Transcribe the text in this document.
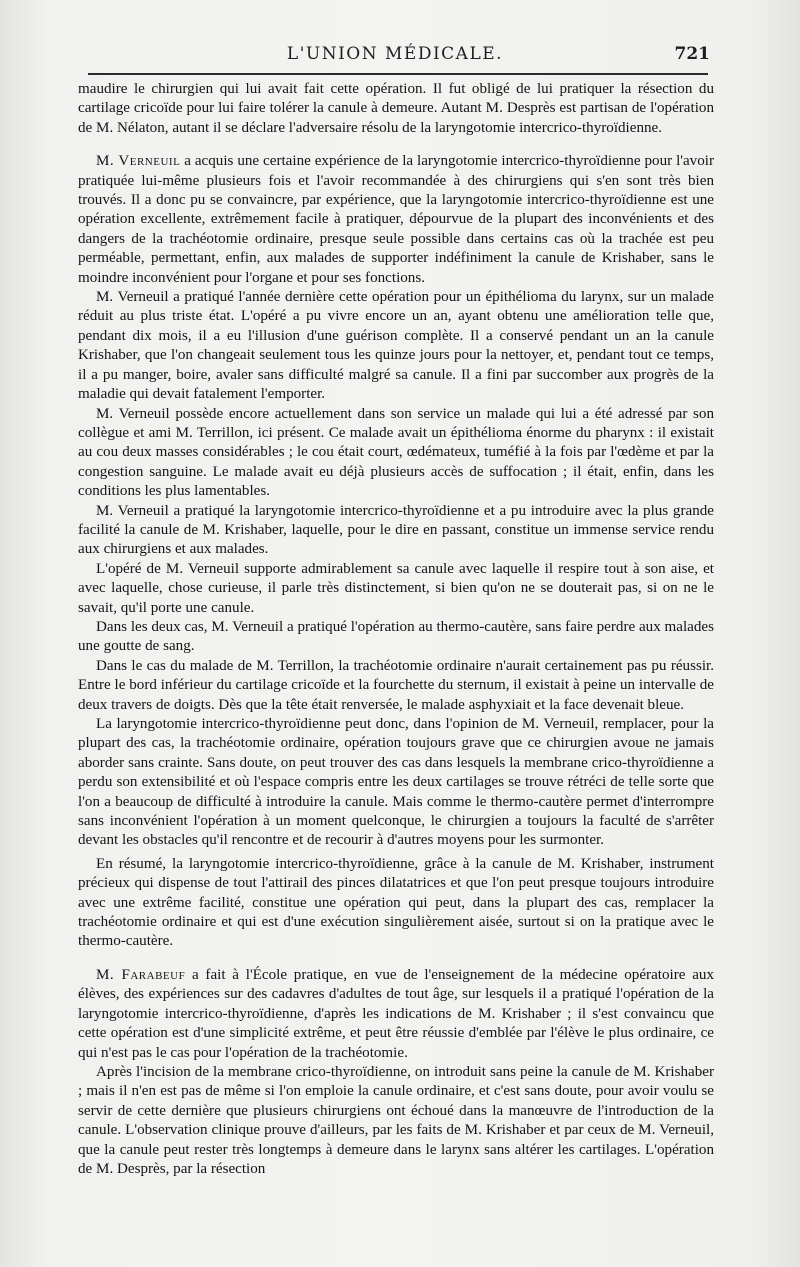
L'UNION MÉDICALE.	721

maudire le chirurgien qui lui avait fait cette opération. Il fut obligé de lui pratiquer la résection du cartilage cricoïde pour lui faire tolérer la canule à demeure. Autant M. Desprès est partisan de l'opération de M. Nélaton, autant il se déclare l'adversaire résolu de la laryngotomie intercrico-thyroïdienne.

M. Verneuil a acquis une certaine expérience de la laryngotomie intercrico-thyroïdienne pour l'avoir pratiquée lui-même plusieurs fois et l'avoir recommandée à des chirurgiens qui s'en sont très bien trouvés. Il a donc pu se convaincre, par expérience, que la laryngotomie intercrico-thyroïdienne est une opération excellente, extrêmement facile à pratiquer, dépourvue de la plupart des inconvénients et des dangers de la trachéotomie ordinaire, presque seule possible dans certains cas où la trachée est peu perméable, permettant, enfin, aux malades de supporter indéfiniment la canule de Krishaber, sans le moindre inconvénient pour l'organe et pour ses fonctions.

M. Verneuil a pratiqué l'année dernière cette opération pour un épithélioma du larynx, sur un malade réduit au plus triste état. L'opéré a pu vivre encore un an, ayant obtenu une amélioration telle que, pendant dix mois, il a eu l'illusion d'une guérison complète. Il a conservé pendant un an la canule Krishaber, que l'on changeait seulement tous les quinze jours pour la nettoyer, et, pendant tout ce temps, il a pu manger, boire, avaler sans difficulté malgré sa canule. Il a fini par succomber aux progrès de la maladie qui devait fatalement l'emporter.

M. Verneuil possède encore actuellement dans son service un malade qui lui a été adressé par son collègue et ami M. Terrillon, ici présent. Ce malade avait un épithélioma énorme du pharynx : il existait au cou deux masses considérables ; le cou était court, œdémateux, tuméfié à la fois par l'œdème et par la congestion sanguine. Le malade avait eu déjà plusieurs accès de suffocation ; il était, enfin, dans les conditions les plus lamentables.

M. Verneuil a pratiqué la laryngotomie intercrico-thyroïdienne et a pu introduire avec la plus grande facilité la canule de M. Krishaber, laquelle, pour le dire en passant, constitue un immense service rendu aux chirurgiens et aux malades.

L'opéré de M. Verneuil supporte admirablement sa canule avec laquelle il respire tout à son aise, et avec laquelle, chose curieuse, il parle très distinctement, si bien qu'on ne se douterait pas, si on ne le savait, qu'il porte une canule.

Dans les deux cas, M. Verneuil a pratiqué l'opération au thermo-cautère, sans faire perdre aux malades une goutte de sang.

Dans le cas du malade de M. Terrillon, la trachéotomie ordinaire n'aurait certainement pas pu réussir. Entre le bord inférieur du cartilage cricoïde et la fourchette du sternum, il existait à peine un intervalle de deux travers de doigts. Dès que la tête était renversée, le malade asphyxiait et la face devenait bleue.

La laryngotomie intercrico-thyroïdienne peut donc, dans l'opinion de M. Verneuil, remplacer, pour la plupart des cas, la trachéotomie ordinaire, opération toujours grave que ce chirurgien avoue ne jamais aborder sans crainte. Sans doute, on peut trouver des cas dans lesquels la membrane crico-thyroïdienne a perdu son extensibilité et où l'espace compris entre les deux cartilages se trouve rétréci de telle sorte que l'on a beaucoup de difficulté à introduire la canule. Mais comme le thermo-cautère permet d'interrompre sans inconvénient l'opération à un moment quelconque, le chirurgien a toujours la faculté de s'arrêter devant les obstacles qu'il rencontre et de recourir à d'autres moyens pour les surmonter.

En résumé, la laryngotomie intercrico-thyroïdienne, grâce à la canule de M. Krishaber, instrument précieux qui dispense de tout l'attirail des pinces dilatatrices et que l'on peut presque toujours introduire avec une extrême facilité, constitue une opération qui peut, dans la plupart des cas, remplacer la trachéotomie ordinaire et qui est d'une exécution singulièrement aisée, surtout si on la pratique avec le thermo-cautère.

M. Farabeuf a fait à l'École pratique, en vue de l'enseignement de la médecine opératoire aux élèves, des expériences sur des cadavres d'adultes de tout âge, sur lesquels il a pratiqué l'opération de la laryngotomie intercrico-thyroïdienne, d'après les indications de M. Krishaber ; il s'est convaincu que cette opération est d'une simplicité extrême, et peut être réussie d'emblée par l'élève le plus ordinaire, ce qui n'est pas le cas pour l'opération de la trachéotomie.

Après l'incision de la membrane crico-thyroïdienne, on introduit sans peine la canule de M. Krishaber ; mais il n'en est pas de même si l'on emploie la canule ordinaire, et c'est sans doute, pour avoir voulu se servir de cette dernière que plusieurs chirurgiens ont échoué dans la manœuvre de l'introduction de la canule. L'observation clinique prouve d'ailleurs, par les faits de M. Krishaber et par ceux de M. Verneuil, que la canule peut rester très longtemps à demeure dans le larynx sans altérer les cartilages. L'opération de M. Desprès, par la résection
